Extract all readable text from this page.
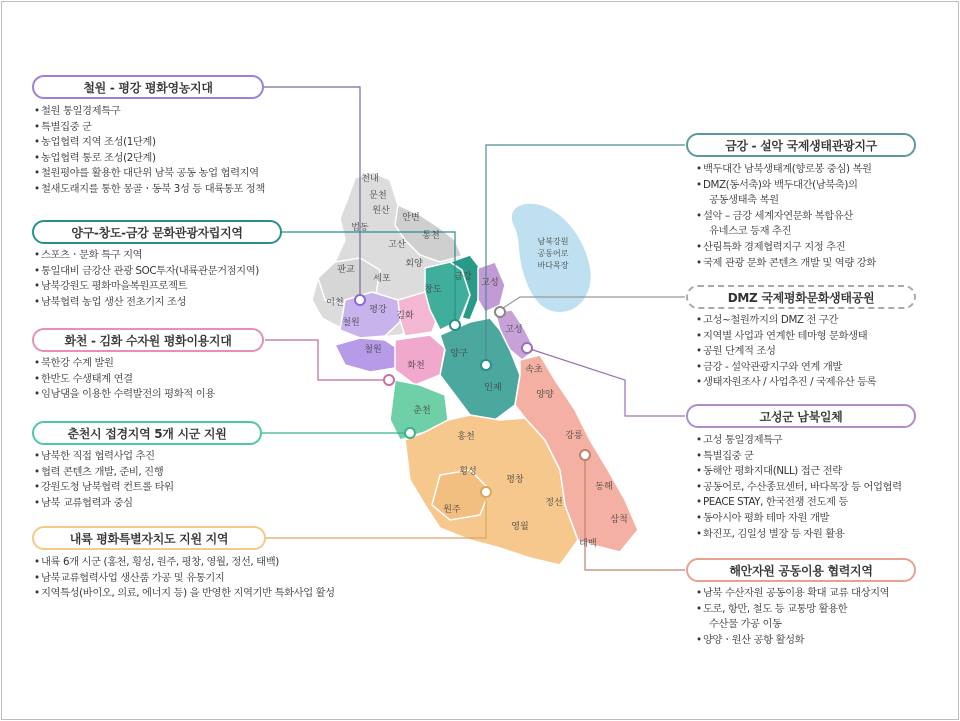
천내
문천
원산
안변
통천
법동
고산
회양
판교
세포
이천
평강
철원
김화
창도
금강
고성
철원
화천
양구
고성
속초
인제
양양
춘천
홍천	강릉
횡성
평창
동해
정선
원주
영월
삼척
태백
남북강원
공동어로
바다목장
철원 - 평강 평화영농지대
• 철원 통일경제특구
• 특별집중 군
• 농업협력 지역 조성(1단계)
• 농업협력 통로 조성(2단계)
• 철원평야를 활용한 대단위 남북 공동 농업 협력지역
• 철새도래지를 통한 몽골ㆍ동북 3성 등 대륙통포 정책
양구-창도-금강 문화관광자립지역
• 스포츠ㆍ문화 특구 지역
• 통일대비 금강산 관광 SOC투자(내륙관문거점지역)
• 남북강원도 평화마을복원프로젝트
• 남북협력 농업 생산 전초기지 조성
화천 - 김화 수자원 평화이용지대
• 북한강 수계 발원
• 한반도 수생태계 연결
• 임남댐을 이용한 수력발전의 평화적 이용
춘천시 접경지역 5개 시군 지원
• 남북한 직접 협력사업 추진
• 협력 콘텐츠 개발, 준비, 진행
• 강원도청 남북협력 컨트롤 타워
• 남북 교류협력과 중심
내륙 평화특별자치도 지원 지역
• 내륙 6개 시군 (홍천, 횡성, 원주, 평창, 영월, 정선, 태백)
• 남북교류협력사업 생산품 가공 및 유통기지
• 지역특성(바이오, 의료, 에너지 등) 을 반영한 지역기반 특화사업 활성
금강 - 설악 국제생태관광지구
• 백두대간 남북생태계(향로봉 중심) 복원
• DMZ(동서축)와 백두대간(남북축)의
공동생태축 복원
• 설악 – 금강 세계자연문화 복합유산
유네스코 등재 추진
• 산림특화 경제협력지구 지정 추진
• 국제 관광 문화 콘텐츠 개발 및 역량 강화
DMZ 국제평화문화생태공원
• 고성~철원까지의 DMZ 전 구간
• 지역별 사업과 연계한 테마형 문화생태
• 공원 단계적 조성
• 금강 - 설악관광지구와 연계 개발
• 생태자원조사 / 사업추진 / 국제유산 등록
고성군 남북일체
• 고성 통일경제특구
• 특별집중 군
• 동해안 평화지대(NLL) 접근 전략
• 공동어로, 수산종묘센터, 바다목장 등 어업협력
• PEACE STAY, 한국전쟁 전도제 등
• 동아시아 평화 테마 자원 개발
• 화진포, 김일성 별장 등 자원 활용
해안자원 공동이용 협력지역
• 남북 수산자원 공동이용 확대 교류 대상지역
• 도로, 항만, 철도 등 교통망 활용한
수산물 가공 이동
• 양양ㆍ원산 공항 활성화
